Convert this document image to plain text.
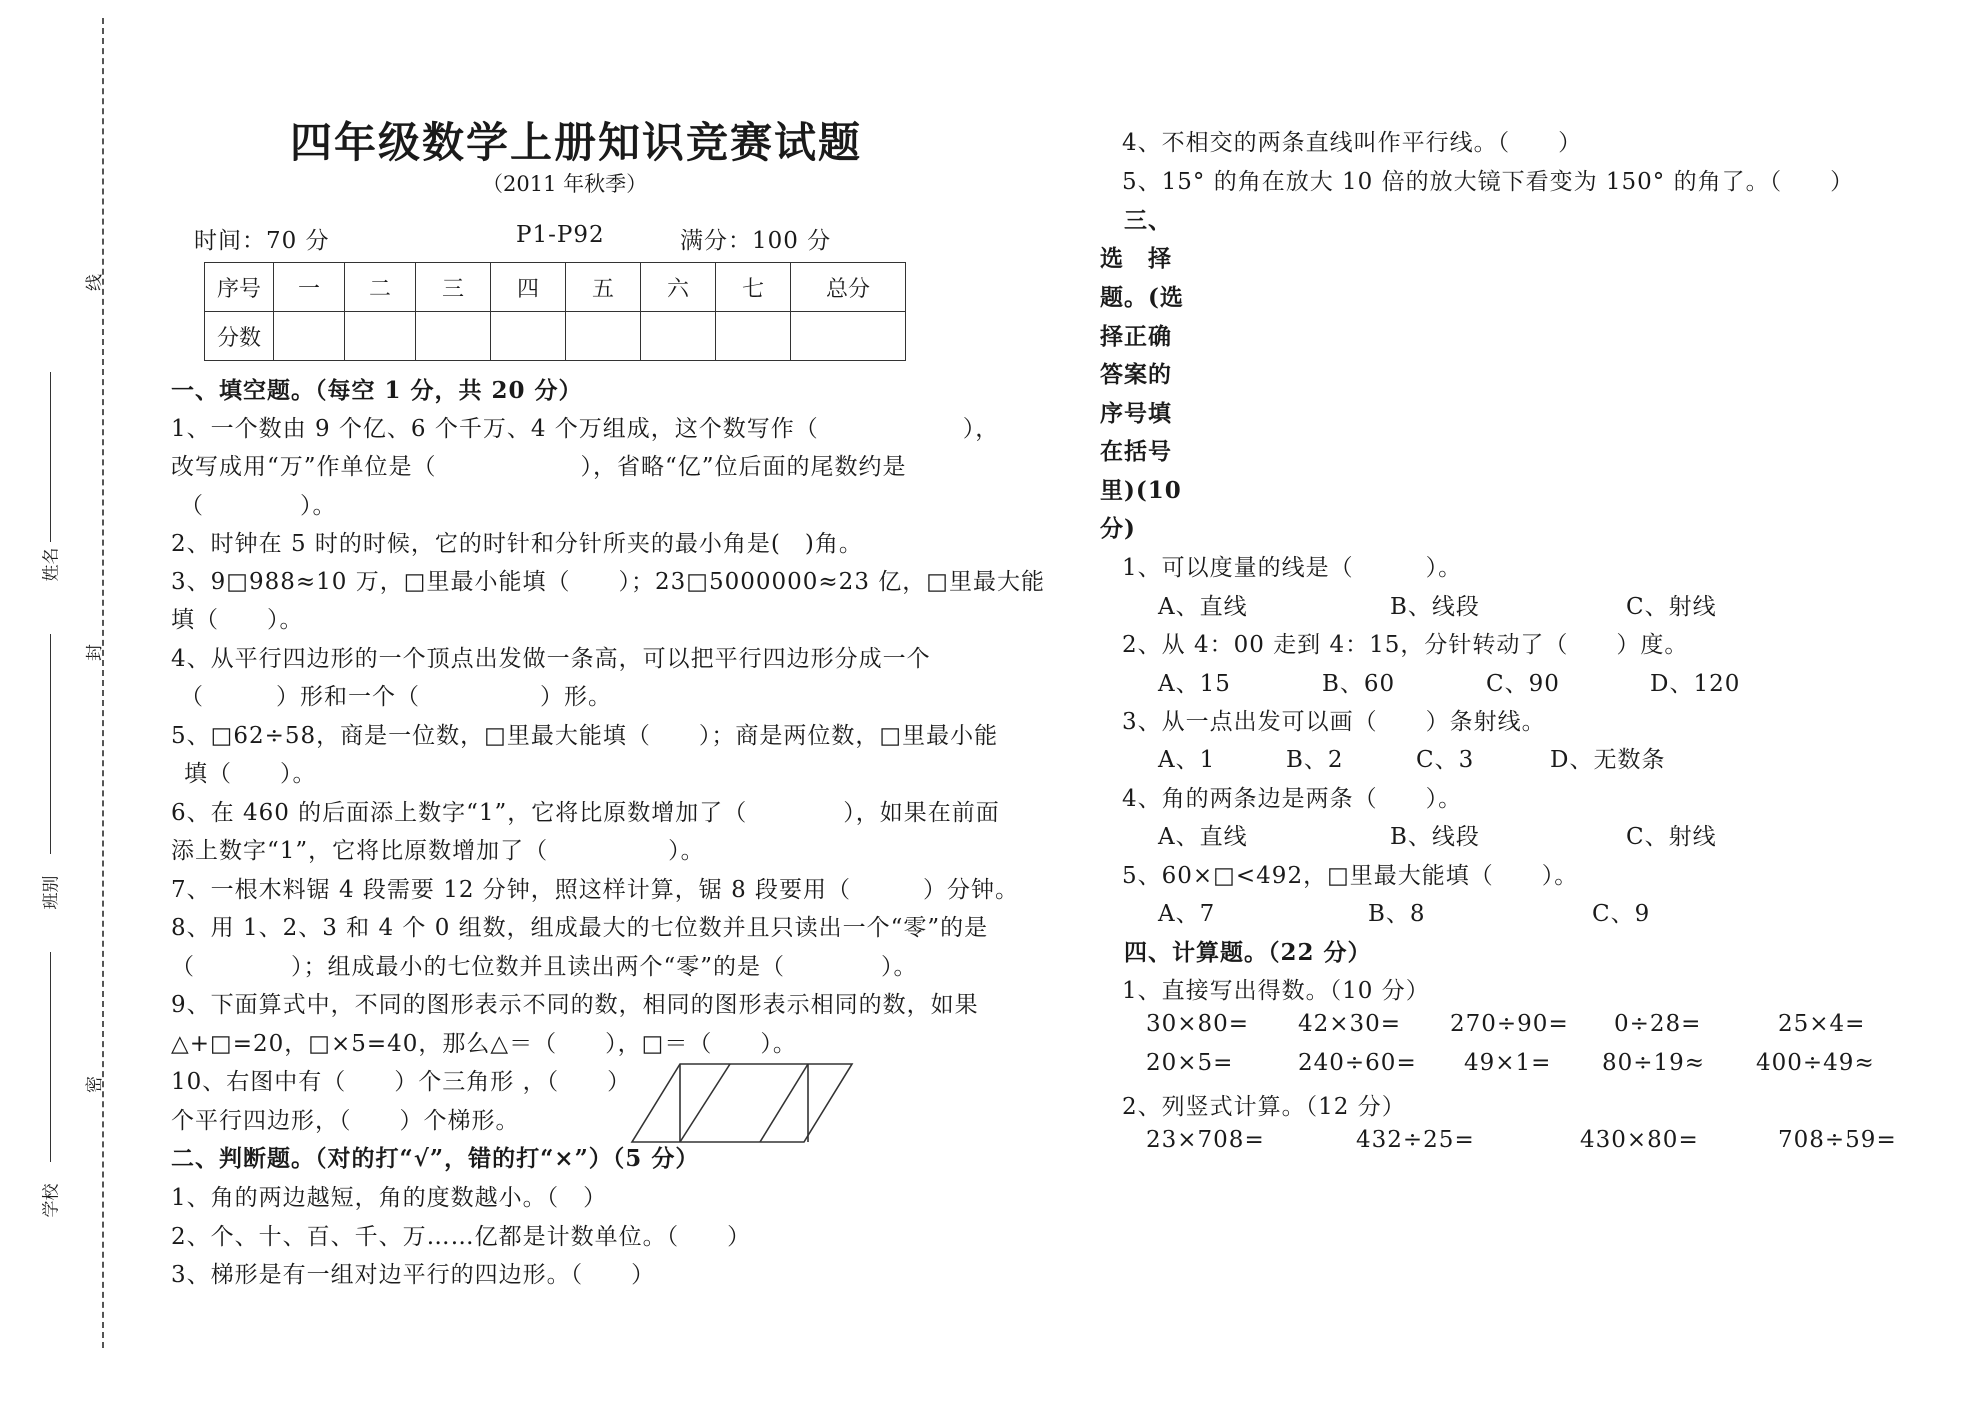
线
封
密
姓名
班别
学校
四年级数学上册知识竞赛试题
（2011 年秋季）
时间：70 分	P1-P92	满分：100 分
序号	一	二	三	四	五	六	七	总分
分数								
一、填空题。（每空 1 分，共 20 分）
1、一个数由 9 个亿、6 个千万、4 个万组成，这个数写作（　　　　　　），
改写成用“万”作单位是（　　　　　　），省略“亿”位后面的尾数约是
（　　　　）。
2、时钟在 5 时的时候，它的时针和分针所夹的最小角是(　)角。
3、9□988≈10 万，□里最小能填（　　）；23□5000000≈23 亿，□里最大能
填（　　）。
4、从平行四边形的一个顶点出发做一条高，可以把平行四边形分成一个
（　　　）形和一个（　　　　　）形。
5、□62÷58，商是一位数，□里最大能填（　　）；商是两位数，□里最小能
填（　　）。
6、在 460 的后面添上数字“1”，它将比原数增加了（　　　　），如果在前面
添上数字“1”，它将比原数增加了（　　　　　）。
7、一根木料锯 4 段需要 12 分钟，照这样计算，锯 8 段要用（　　　）分钟。
8、用 1、2、3 和 4 个 0 组数，组成最大的七位数并且只读出一个“零”的是
（　　　　）；组成最小的七位数并且读出两个“零”的是（　　　　）。
9、下面算式中，不同的图形表示不同的数，相同的图形表示相同的数，如果
△+□=20，□×5=40，那么△＝（　　），□＝（　　）。
10、右图中有（　　）个三角形 ，（　　）
个平行四边形，（　　）个梯形。
二、判断题。（对的打“√”，错的打“×”）（5 分）
1、角的两边越短，角的度数越小。（　）
2、个、十、百、千、万……亿都是计数单位。（　　）
3、梯形是有一组对边平行的四边形。（　　）
4、不相交的两条直线叫作平行线。（　　）
5、15° 的角在放大 10 倍的放大镜下看变为 150° 的角了。（　　）
三、
选　择
题。(选
择正确
答案的
序号填
在括号
里)(10
分)
1、可以度量的线是（　　　）。
A、直线	B、线段	C、射线
2、从 4：00 走到 4：15，分针转动了（　　）度。
A、15	B、60	C、90	D、120
3、从一点出发可以画（　　）条射线。
A、1	B、2	C、3	D、无数条
4、角的两条边是两条（　　）。
A、直线	B、线段	C、射线
5、60×□<492，□里最大能填（　　）。
A、7	B、8	C、9
四、计算题。（22 分）
1、直接写出得数。（10 分）
30×80= 42×30= 270÷90= 0÷28=	25×4=
20×5=	240÷60= 49×1= 80÷19≈ 400÷49≈
2、列竖式计算。（12 分）
23×708=	432÷25=	430×80=	708÷59=
